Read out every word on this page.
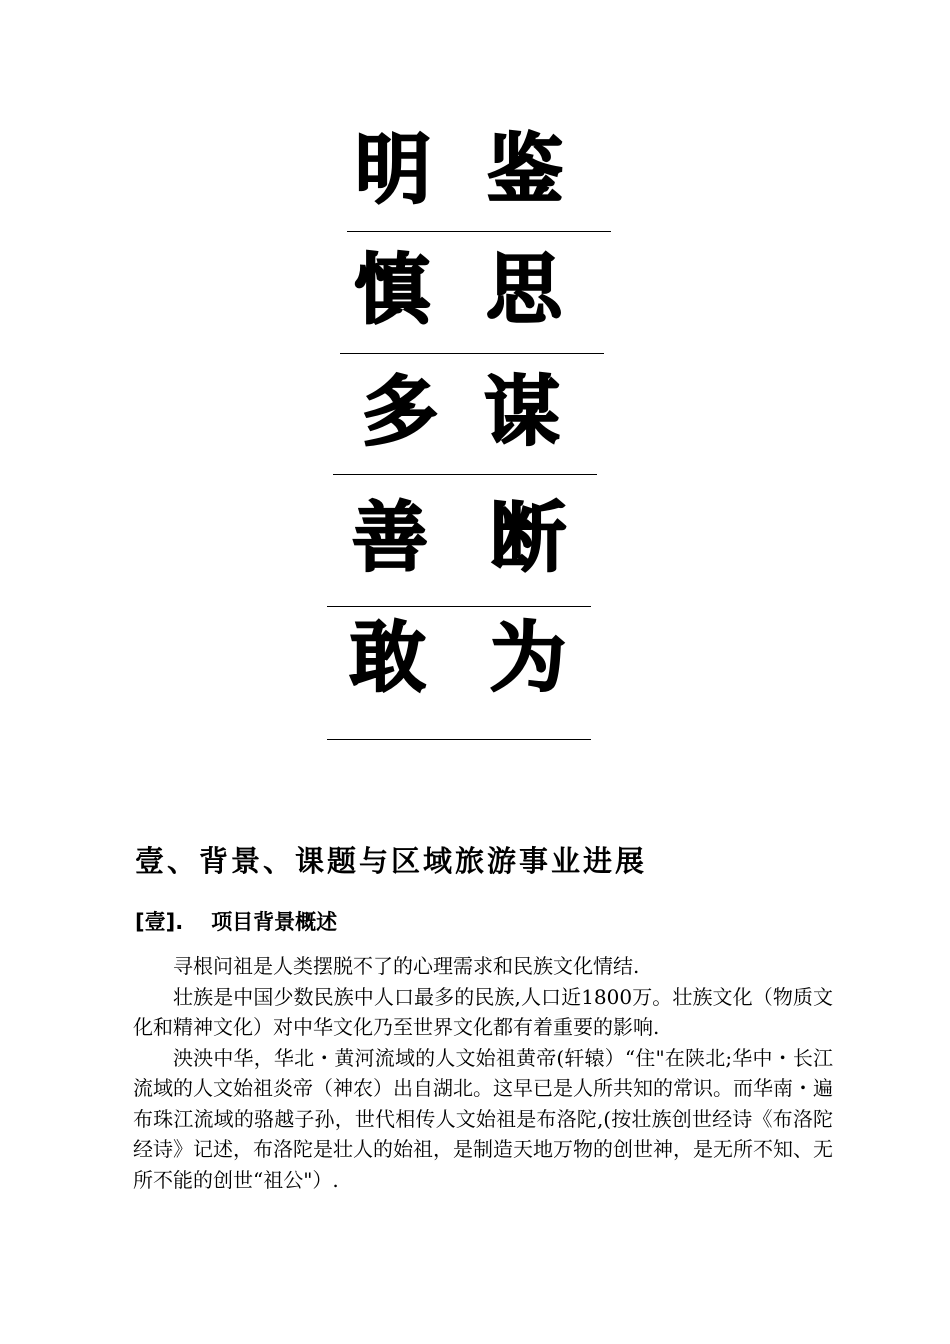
明 鉴
慎 思
多 谋
善 断
敢 为
壹、背景、课题与区域旅游事业进展
[壹]. 项目背景概述

寻根问祖是人类摆脱不了的心理需求和民族文化情结.

壮族是中国少数民族中人口最多的民族,人口近1800万。壮族文化（物质文化和精神文化）对中华文化乃至世界文化都有着重要的影响.

泱泱中华，华北・黄河流域的人文始祖黄帝(轩辕）“住"在陕北;华中・长江流域的人文始祖炎帝（神农）出自湖北。这早已是人所共知的常识。而华南・遍布珠江流域的骆越子孙，世代相传人文始祖是布洛陀,(按壮族创世经诗《布洛陀经诗》记述，布洛陀是壮人的始祖，是制造天地万物的创世神，是无所不知、无所不能的创世“祖公"）.
